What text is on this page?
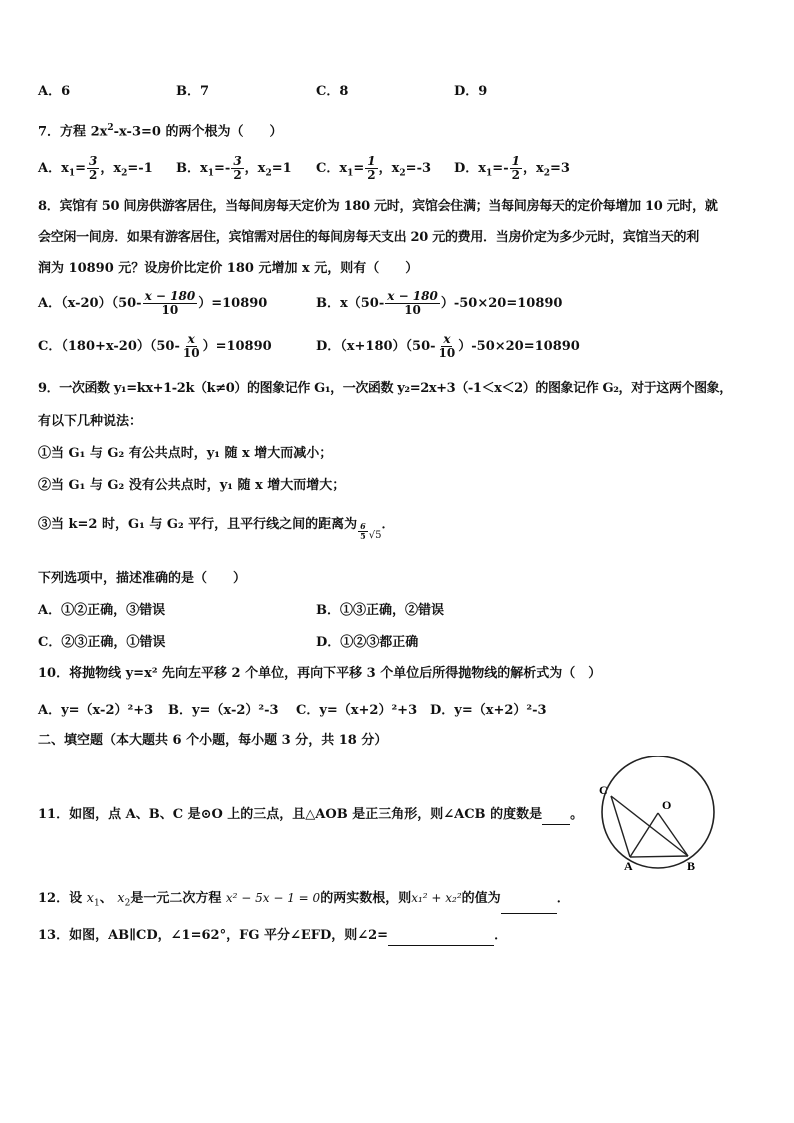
A．6	B．7	C．8	D．9
7．方程 $2x^2-x-3=0$ 的两个根为（　　）
A．$x_1= \frac{3}{2}$ ，$x_2=-1$ B．$x_1=- \frac{3}{2}$ ，$x_2=1$ C．$x_1= \frac{1}{2}$ ，$x_2=-3$ D．$x_1=- \frac{1}{2}$ ，$x_2=3$
8．宾馆有 50 间房供游客居住，当每间房每天定价为 180 元时，宾馆会住满；当每间房每天的定价每增加 10 元时，就
会空闲一间房．如果有游客居住，宾馆需对居住的每间房每天支出 20 元的费用．当房价定为多少元时，宾馆当天的利
润为 10890 元？设房价比定价 180 元增加 x 元，则有（　　）
A．$(x-20)(50- \frac{x - 180}{10} )=10890$	B．$x(50- \frac{x - 180}{10} )-50\times 20=10890$
C．$(180+x-20)(50- \frac{x}{10} )=10890$	D．$(x+180)(50- \frac{x}{10} )-50\times 20=10890$
9．一次函数 y₁=kx+1-2k（k≠0）的图象记作 G₁，一次函数 y₂=2x+3（-1＜x＜2）的图象记作 G₂，对于这两个图象，
有以下几种说法：
①当 G₁ 与 G₂ 有公共点时，y₁ 随 x 增大而减小；
②当 G₁ 与 G₂ 没有公共点时，y₁ 随 x 增大而增大；
③当 k=2 时，G₁ 与 G₂ 平行，且平行线之间的距离为 $\frac{6}{5} _{√5}$．
下列选项中，描述准确的是（　　）
A．①②正确，③错误	B．①③正确，②错误
C．②③正确，①错误	D．①②③都正确
10．将抛物线 y=x² 先向左平移 2 个单位，再向下平移 3 个单位后所得抛物线的解析式为（　）
A．y=（x-2）²+3 B．y=（x-2）²-3 C．y=（x+2）²+3 D．y=（x+2）²-3
二、填空题（本大题共 6 个小题，每小题 3 分，共 18 分）
11．如图，点 A、B、C 是⊙O 上的三点，且△AOB 是正三角形，则∠ACB 的度数是 。
C
O
A	B
12．设 $x_1$、 $x_2$是一元二次方程 x² − 5x − 1 = 0的两实数根，则x₁² + x₂²的值为	．
13．如图，AB∥CD，∠1=62°，FG 平分∠EFD，则∠2=	．
